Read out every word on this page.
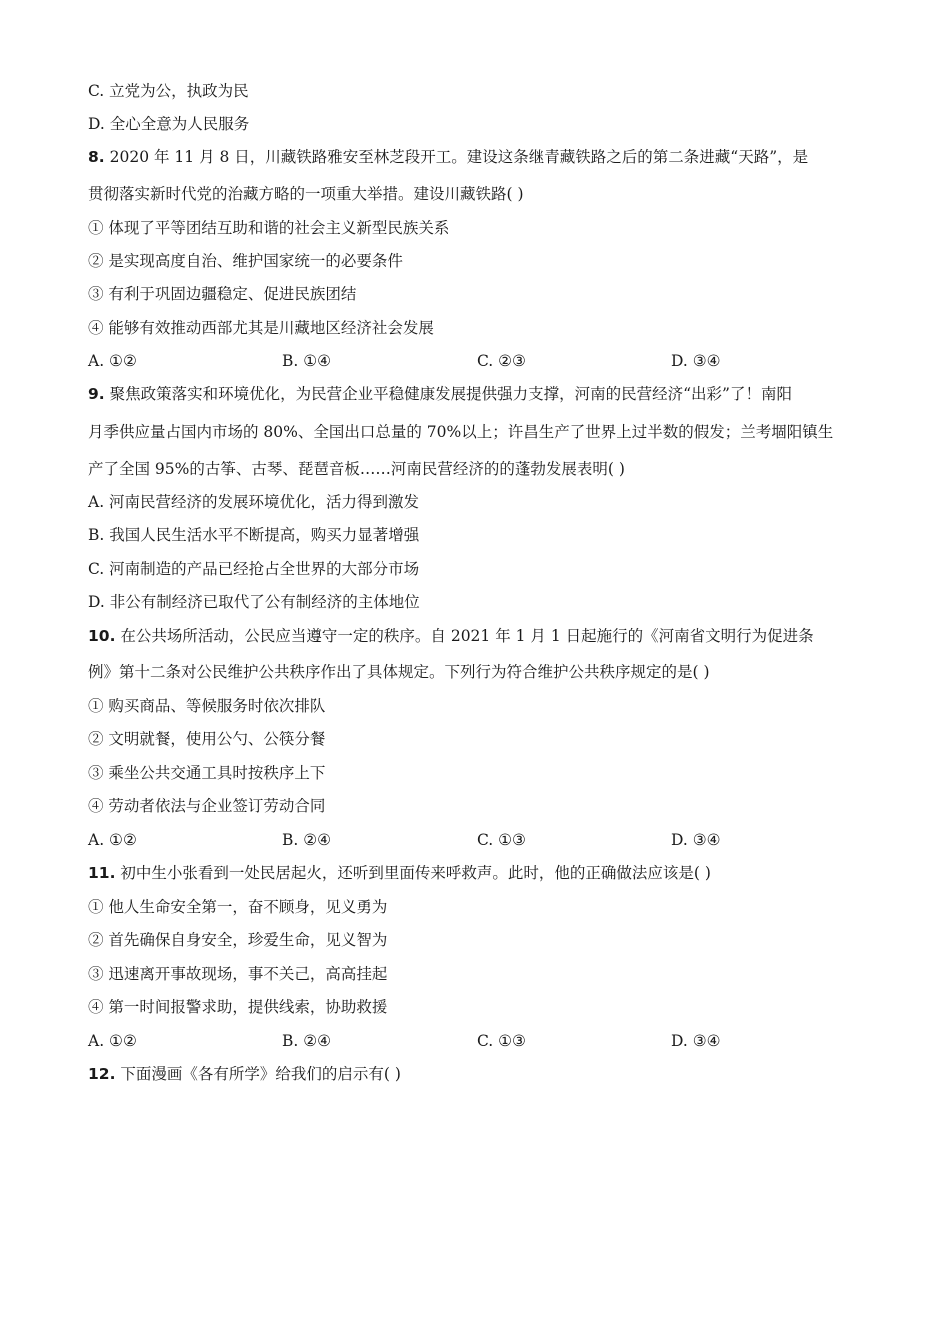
C. 立党为公，执政为民
D. 全心全意为人民服务
8. 2020 年 11 月 8 日，川藏铁路雅安至林芝段开工。建设这条继青藏铁路之后的第二条进藏“天路”，是
贯彻落实新时代党的治藏方略的一项重大举措。建设川藏铁路( )
① 体现了平等团结互助和谐的社会主义新型民族关系
② 是实现高度自治、维护国家统一的必要条件
③ 有利于巩固边疆稳定、促进民族团结
④ 能够有效推动西部尤其是川藏地区经济社会发展
A. ①②	B. ①④	C. ②③	D. ③④
9. 聚焦政策落实和环境优化，为民营企业平稳健康发展提供强力支撑，河南的民营经济“出彩”了！南阳
月季供应量占国内市场的 80%、全国出口总量的 70%以上；许昌生产了世界上过半数的假发；兰考堌阳镇生
产了全国 95%的古筝、古琴、琵琶音板……河南民营经济的的蓬勃发展表明( )
A. 河南民营经济的发展环境优化，活力得到激发
B. 我国人民生活水平不断提高，购买力显著增强
C. 河南制造的产品已经抢占全世界的大部分市场
D. 非公有制经济已取代了公有制经济的主体地位
10. 在公共场所活动，公民应当遵守一定的秩序。自 2021 年 1 月 1 日起施行的《河南省文明行为促进条
例》第十二条对公民维护公共秩序作出了具体规定。下列行为符合维护公共秩序规定的是( )
① 购买商品、等候服务时依次排队
② 文明就餐，使用公勺、公筷分餐
③ 乘坐公共交通工具时按秩序上下
④ 劳动者依法与企业签订劳动合同
A. ①②	B. ②④	C. ①③	D. ③④
11. 初中生小张看到一处民居起火，还听到里面传来呼救声。此时，他的正确做法应该是( )
① 他人生命安全第一，奋不顾身，见义勇为
② 首先确保自身安全，珍爱生命，见义智为
③ 迅速离开事故现场，事不关己，高高挂起
④ 第一时间报警求助，提供线索，协助救援
A. ①②	B. ②④	C. ①③	D. ③④
12. 下面漫画《各有所学》给我们的启示有( )
